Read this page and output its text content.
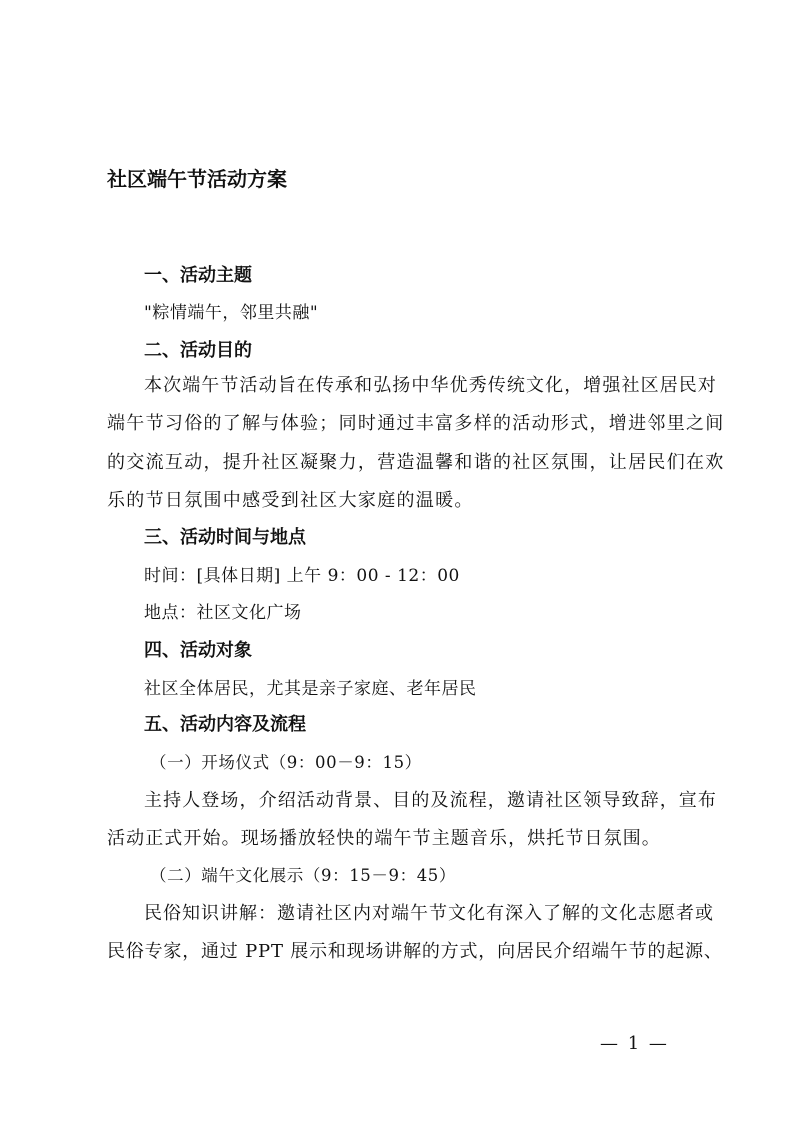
社区端午节活动方案
一、活动主题
"粽情端午，邻里共融"
二、活动目的
本次端午节活动旨在传承和弘扬中华优秀传统文化，增强社区居民对
端午节习俗的了解与体验；同时通过丰富多样的活动形式，增进邻里之间
的交流互动，提升社区凝聚力，营造温馨和谐的社区氛围，让居民们在欢
乐的节日氛围中感受到社区大家庭的温暖。
三、活动时间与地点
时间：[具体日期] 上午 9：00 - 12：00
地点：社区文化广场
四、活动对象
社区全体居民，尤其是亲子家庭、老年居民
五、活动内容及流程
（一）开场仪式（9：00－9：15）
主持人登场，介绍活动背景、目的及流程，邀请社区领导致辞，宣布
活动正式开始。现场播放轻快的端午节主题音乐，烘托节日氛围。
（二）端午文化展示（9：15－9：45）
民俗知识讲解：邀请社区内对端午节文化有深入了解的文化志愿者或
民俗专家，通过 PPT 展示和现场讲解的方式，向居民介绍端午节的起源、
— 1 —
